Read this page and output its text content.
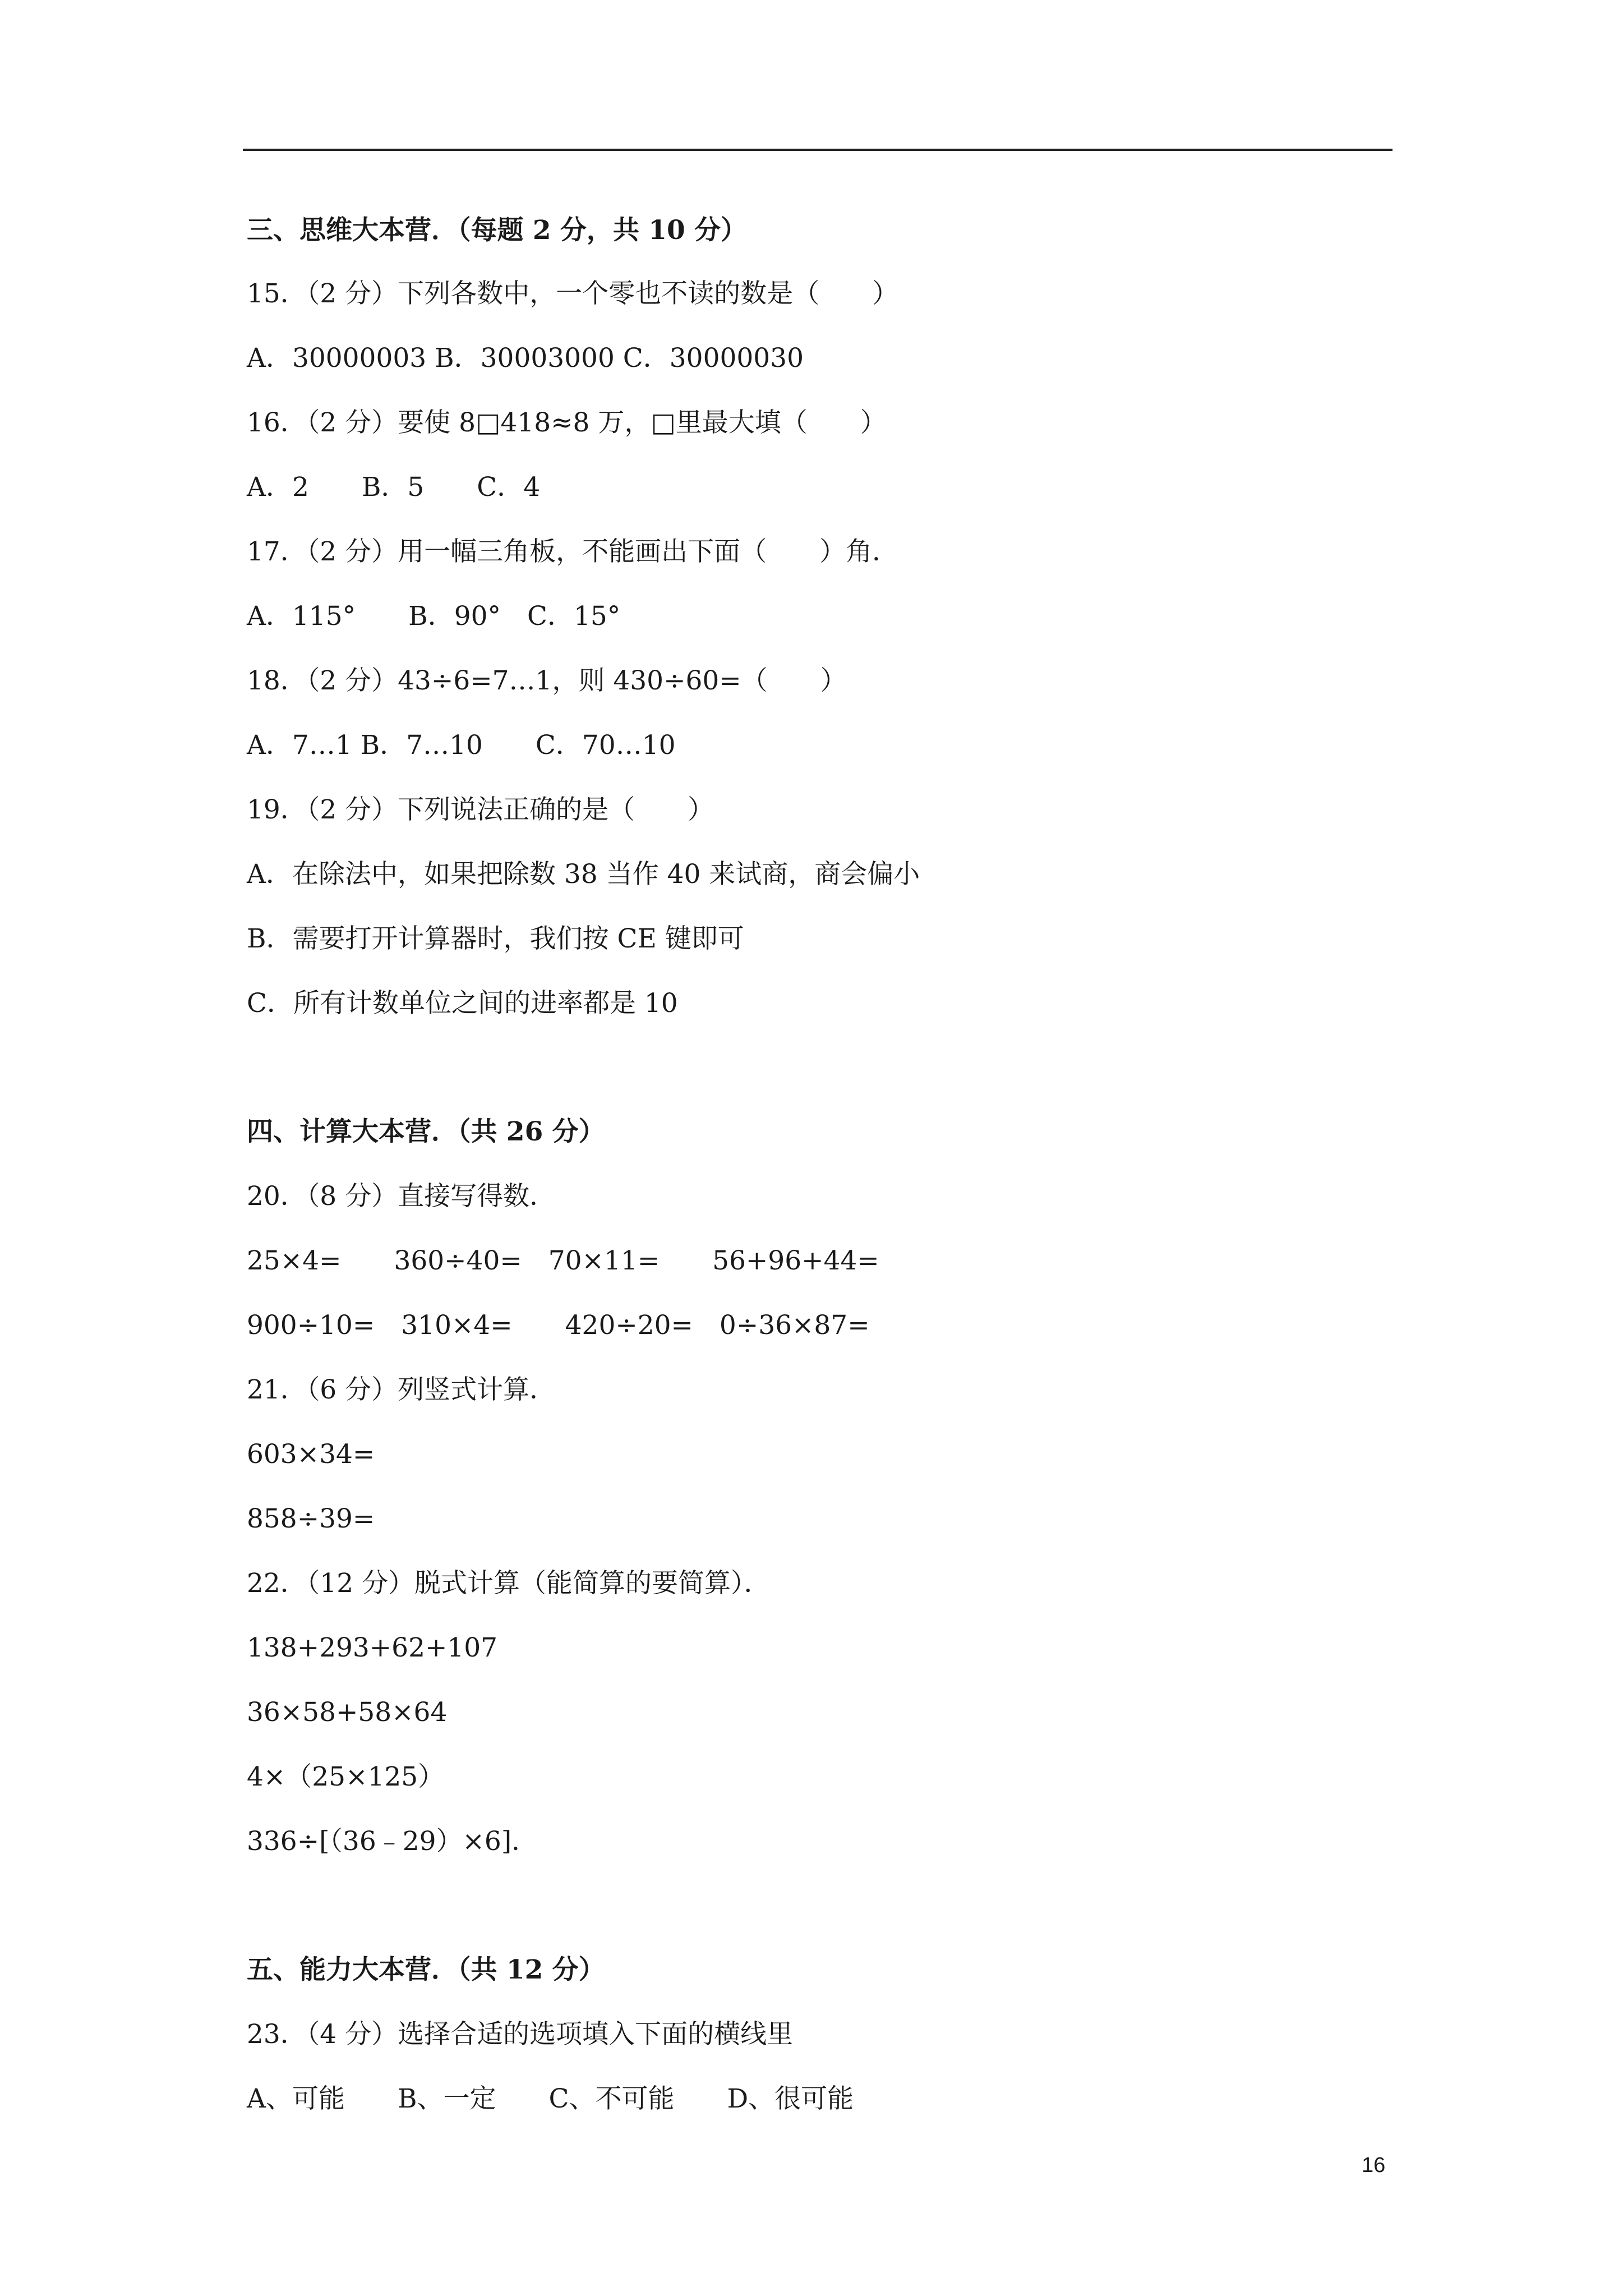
三、思维大本营．（每题 2 分，共 10 分）
15．（2 分）下列各数中，一个零也不读的数是（　　）
A．30000003 B．30003000 C．30000030
16．（2 分）要使 8□418≈8 万，□里最大填（　　）
A．2　　B．5　　C．4
17．（2 分）用一幅三角板，不能画出下面（　　）角．
A．115°　　B．90°　C．15°
18．（2 分）43÷6=7…1，则 430÷60=（　　）
A．7…1 B．7…10　　C．70…10
19．（2 分）下列说法正确的是（　　）
A．在除法中，如果把除数 38 当作 40 来试商，商会偏小
B．需要打开计算器时，我们按 CE 键即可
C．所有计数单位之间的进率都是 10
四、计算大本营．（共 26 分）
20．（8 分）直接写得数．
25×4=　　360÷40=　70×11=　　56+96+44=
900÷10=　310×4=　　420÷20=　0÷36×87=
21．（6 分）列竖式计算．
603×34=
858÷39=
22．（12 分）脱式计算（能简算的要简算）．
138+293+62+107
36×58+58×64
4×（25×125）
336÷[（36﹣29）×6]．
五、能力大本营．（共 12 分）
23．（4 分）选择合适的选项填入下面的横线里
A、可能　　B、一定　　C、不可能　　D、很可能
16
